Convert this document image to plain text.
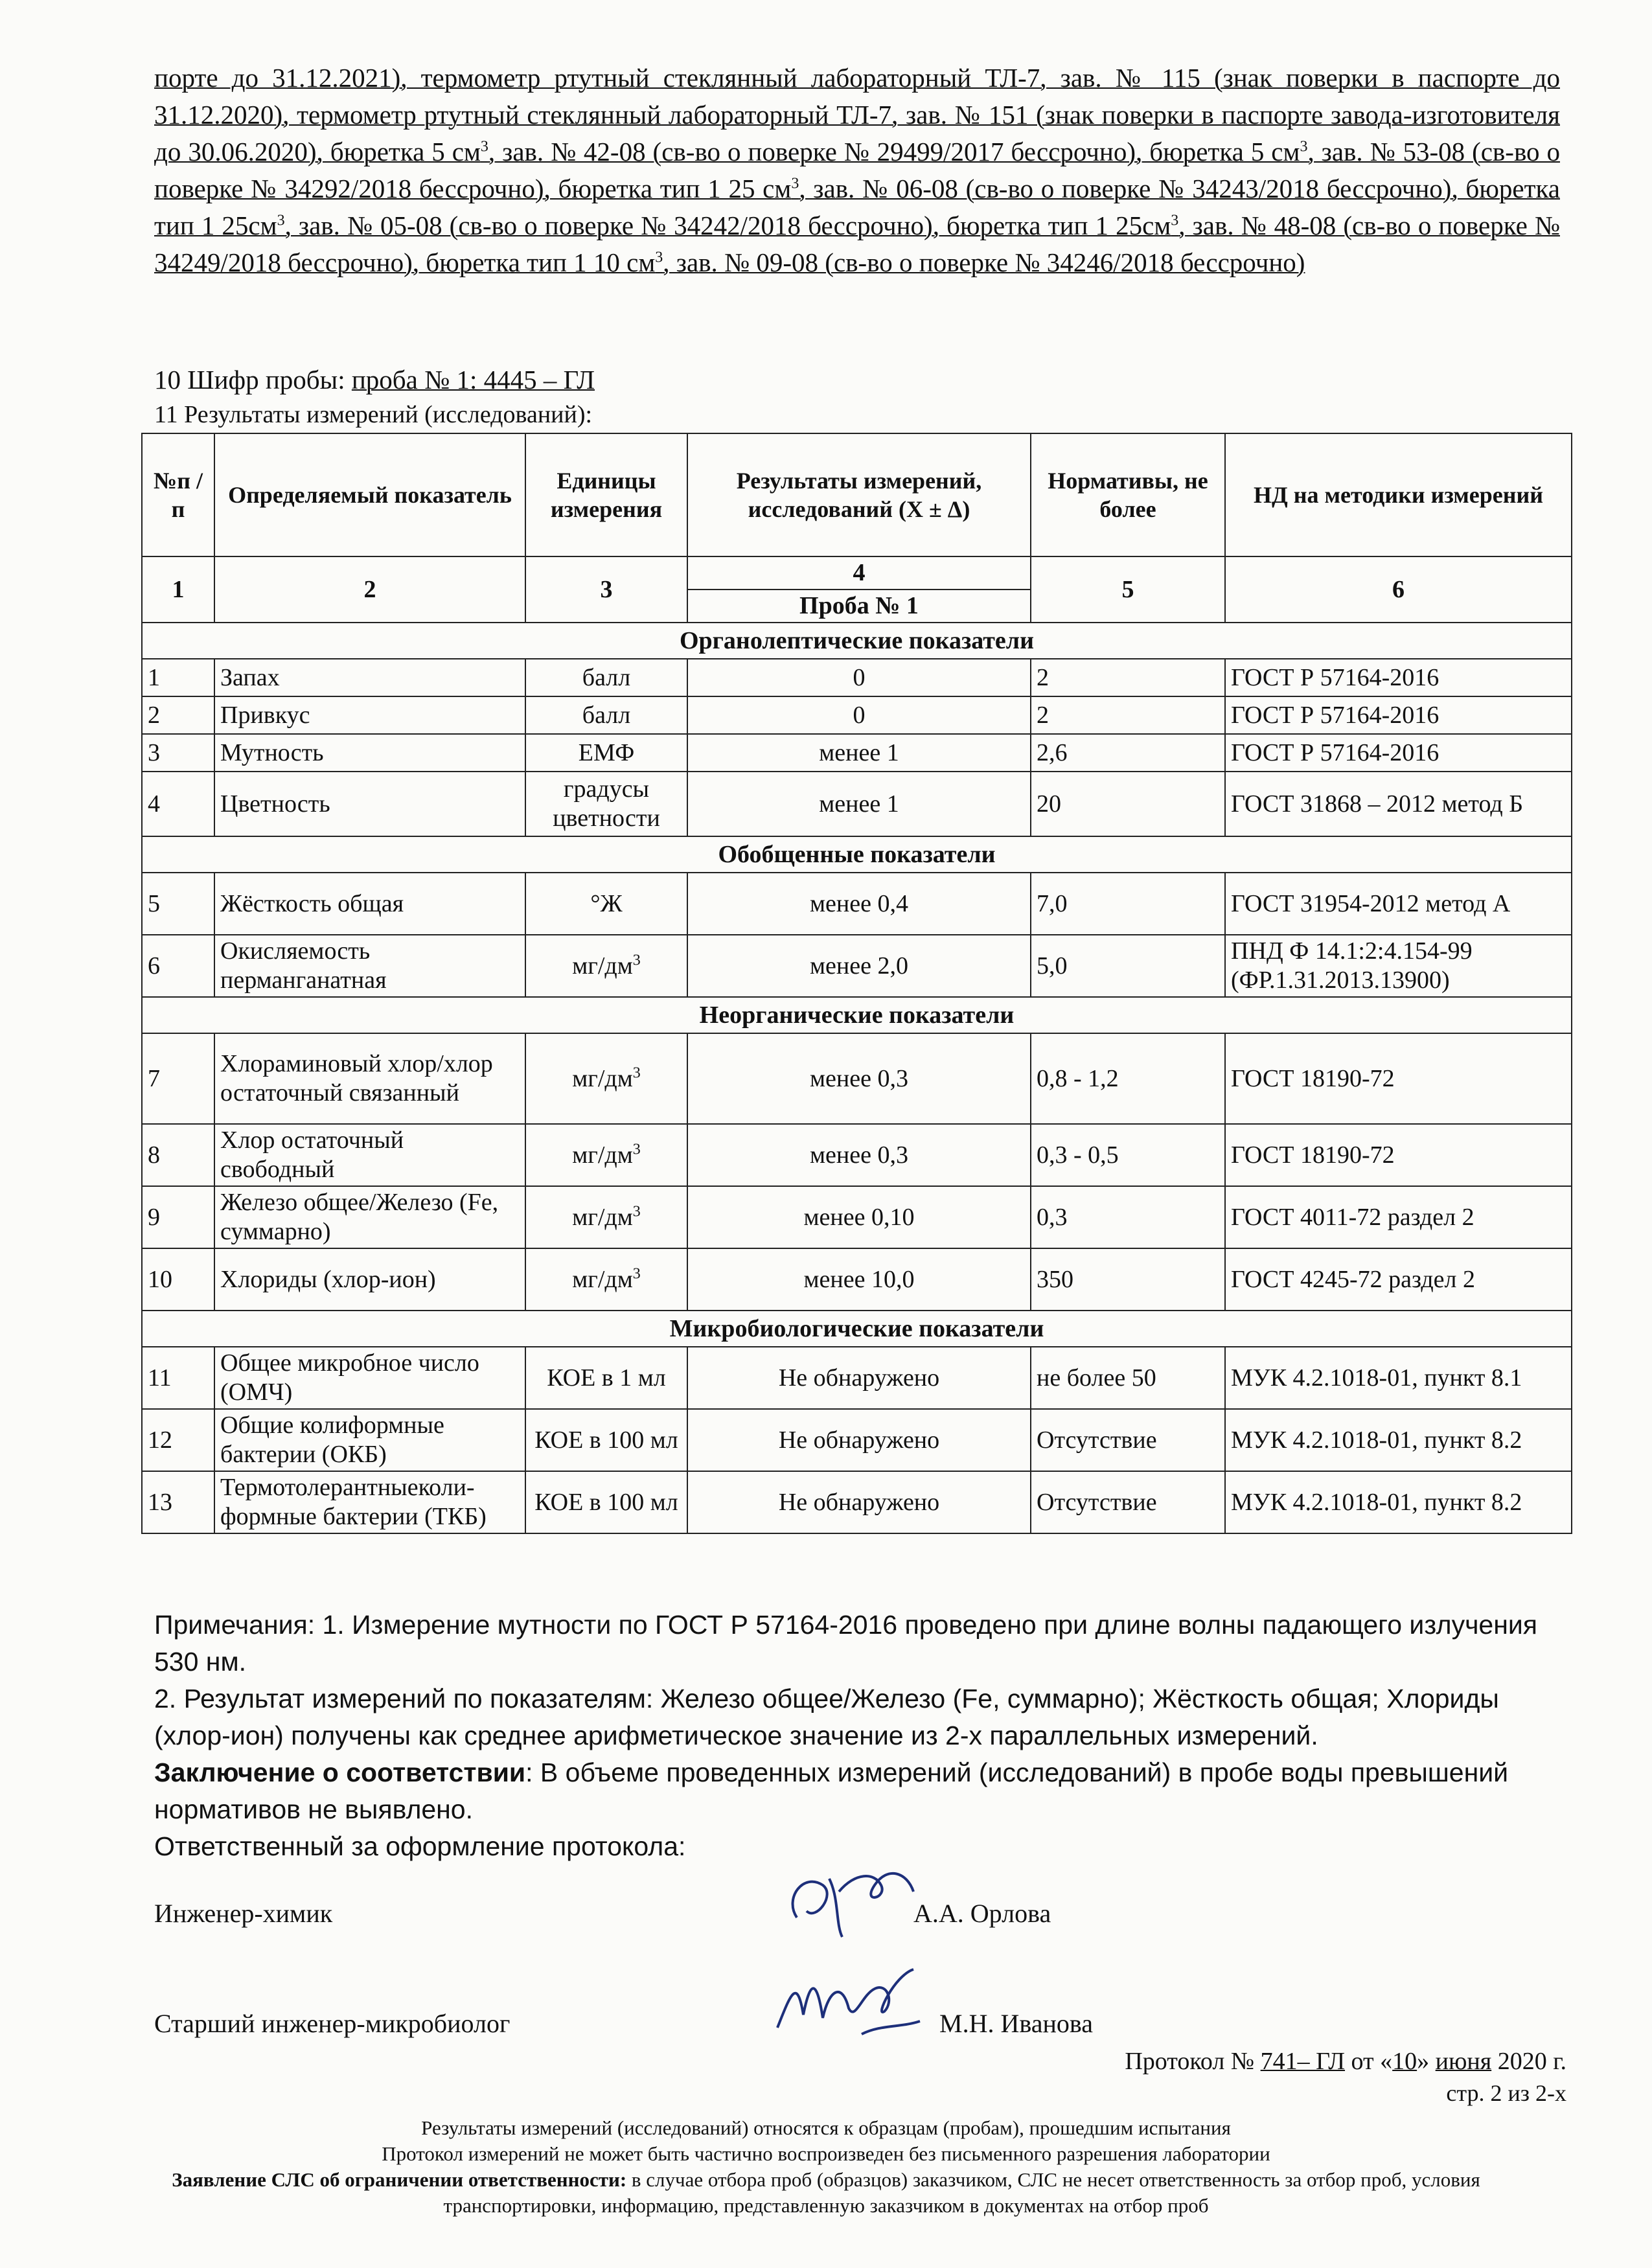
порте до 31.12.2021), термометр ртутный стеклянный лабораторный ТЛ-7, зав. № 115 (знак поверки в паспорте до 31.12.2020), термометр ртутный стеклянный лабораторный ТЛ-7, зав. № 151 (знак поверки в паспорте завода-изготовителя до 30.06.2020), бюретка 5 $см^3$, зав. № 42-08 (св-во о поверке № 29499/2017 бессрочно), бюретка 5 $см^3$, зав. № 53-08 (св-во о поверке № 34292/2018 бессрочно), бюретка тип 1 25 $см^3$, зав. № 06-08 (св-во о поверке № 34243/2018 бессрочно), бюретка тип 1 $25см^3$, зав. № 05-08 (св-во о поверке № 34242/2018 бессрочно), бюретка тип 1 $25см^3$, зав. № 48-08 (св-во о поверке № 34249/2018 бессрочно), бюретка тип 1 10 $см^3$, зав. № 09-08 (св-во о поверке № 34246/2018 бессрочно)
10 Шифр пробы: проба № 1: 4445 – ГЛ
11 Результаты измерений (исследований):
№п /п	Определяемый показатель	Единицы измерения	Результаты измерений, исследований (X ± Δ)	Нормативы, не более	НД на методики измерений

1	2	3	4	5	6
			Проба № 1		
Органолептические показатели					
1	Запах	балл	0	2	ГОСТ Р 57164-2016
2	Привкус	балл	0	2	ГОСТ Р 57164-2016
3	Мутность	ЕМФ	менее 1	2,6	ГОСТ Р 57164-2016
4	Цветность	градусы цветности	менее 1	20	ГОСТ 31868 – 2012 метод Б
Обобщенные показатели					
5	Жёсткость общая	°Ж	менее 0,4	7,0	ГОСТ 31954-2012 метод А
6	Окисляемость перманганатная	$мг/дм^3$	менее 2,0	5,0	ПНД Ф 14.1:2:4.154-99 (ФР.1.31.2013.13900)
Неорганические показатели					
7	Хлораминовый хлор/хлор остаточный связанный	$мг/дм^3$	менее 0,3	0,8 - 1,2	ГОСТ 18190-72
8	Хлор остаточный свободный	$мг/дм^3$	менее 0,3	0,3 - 0,5	ГОСТ 18190-72
9	Железо общее/Железо (Fe, суммарно)	$мг/дм^3$	менее 0,10	0,3	ГОСТ 4011-72 раздел 2
10	Хлориды (хлор-ион)	$мг/дм^3$	менее 10,0	350	ГОСТ 4245-72 раздел 2
Микробиологические показатели					
11	Общее микробное число (ОМЧ)	КОЕ в 1 мл	Не обнаружено	не более 50	МУК 4.2.1018-01, пункт 8.1
12	Общие колиформные бактерии (ОКБ)	КОЕ в 100 мл	Не обнаружено	Отсутствие	МУК 4.2.1018-01, пункт 8.2
13	Термотолерантныеколи-формные бактерии (ТКБ)	КОЕ в 100 мл	Не обнаружено	Отсутствие	МУК 4.2.1018-01, пункт 8.2

Примечания: 1. Измерение мутности по ГОСТ Р 57164-2016 проведено при длине волны падающего излучения 530 нм.

2. Результат измерений по показателям: Железо общее/Железо (Fe, суммарно); Жёсткость общая; Хлориды (хлор-ион) получены как среднее арифметическое значение из 2-х параллельных измерений.

Заключение о соответствии: В объеме проведенных измерений (исследований) в пробе воды превышений нормативов не выявлено.

Ответственный за оформление протокола:

Инженер-химик	А.А. Орлова
Старший инженер-микробиолог	М.Н. Иванова
Протокол № 741– ГЛ от «10» июня 2020 г.
стр. 2 из 2-х
Результаты измерений (исследований) относятся к образцам (пробам), прошедшим испытания
Протокол измерений не может быть частично воспроизведен без письменного разрешения лаборатории
Заявление СЛС об ограничении ответственности: в случае отбора проб (образцов) заказчиком, СЛС не несет ответственность за отбор проб, условия транспортировки, информацию, представленную заказчиком в документах на отбор проб
